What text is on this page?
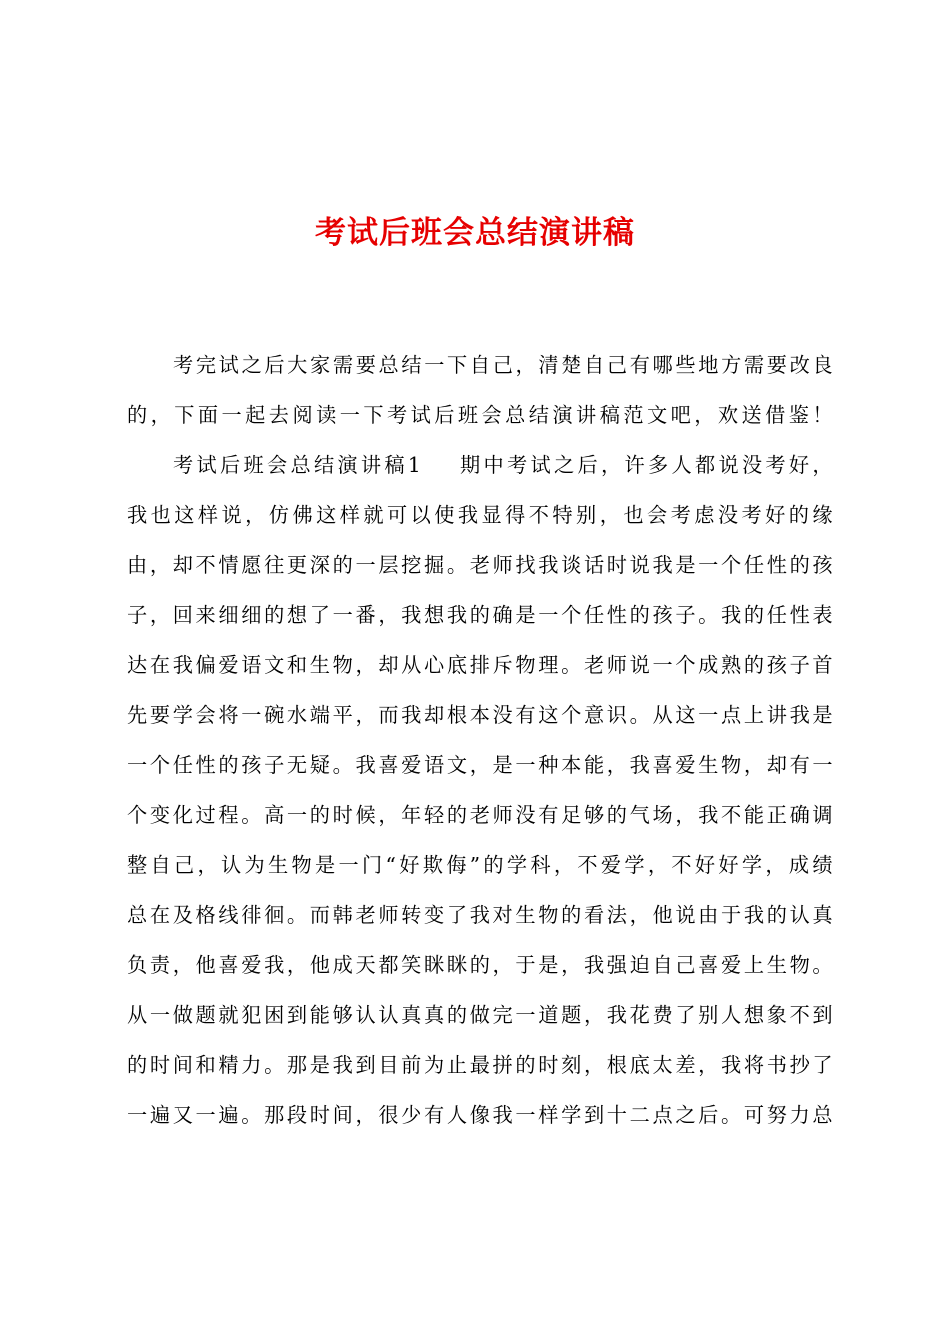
考试后班会总结演讲稿
考完试之后大家需要总结一下自己，清楚自己有哪些地方需要改良
的，下面一起去阅读一下考试后班会总结演讲稿范文吧，欢送借鉴！
考试后班会总结演讲稿1 期中考试之后，许多人都说没考好，
我也这样说，仿佛这样就可以使我显得不特别，也会考虑没考好的缘
由，却不情愿往更深的一层挖掘。老师找我谈话时说我是一个任性的孩
子，回来细细的想了一番，我想我的确是一个任性的孩子。我的任性表
达在我偏爱语文和生物，却从心底排斥物理。老师说一个成熟的孩子首
先要学会将一碗水端平，而我却根本没有这个意识。从这一点上讲我是
一个任性的孩子无疑。我喜爱语文，是一种本能，我喜爱生物，却有一
个变化过程。高一的时候，年轻的老师没有足够的气场，我不能正确调
整自己，认为生物是一门“好欺侮”的学科，不爱学，不好好学，成绩
总在及格线徘徊。而韩老师转变了我对生物的看法，他说由于我的认真
负责，他喜爱我，他成天都笑眯眯的，于是，我强迫自己喜爱上生物。
从一做题就犯困到能够认认真真的做完一道题，我花费了别人想象不到
的时间和精力。那是我到目前为止最拼的时刻，根底太差，我将书抄了
一遍又一遍。那段时间，很少有人像我一样学到十二点之后。可努力总
